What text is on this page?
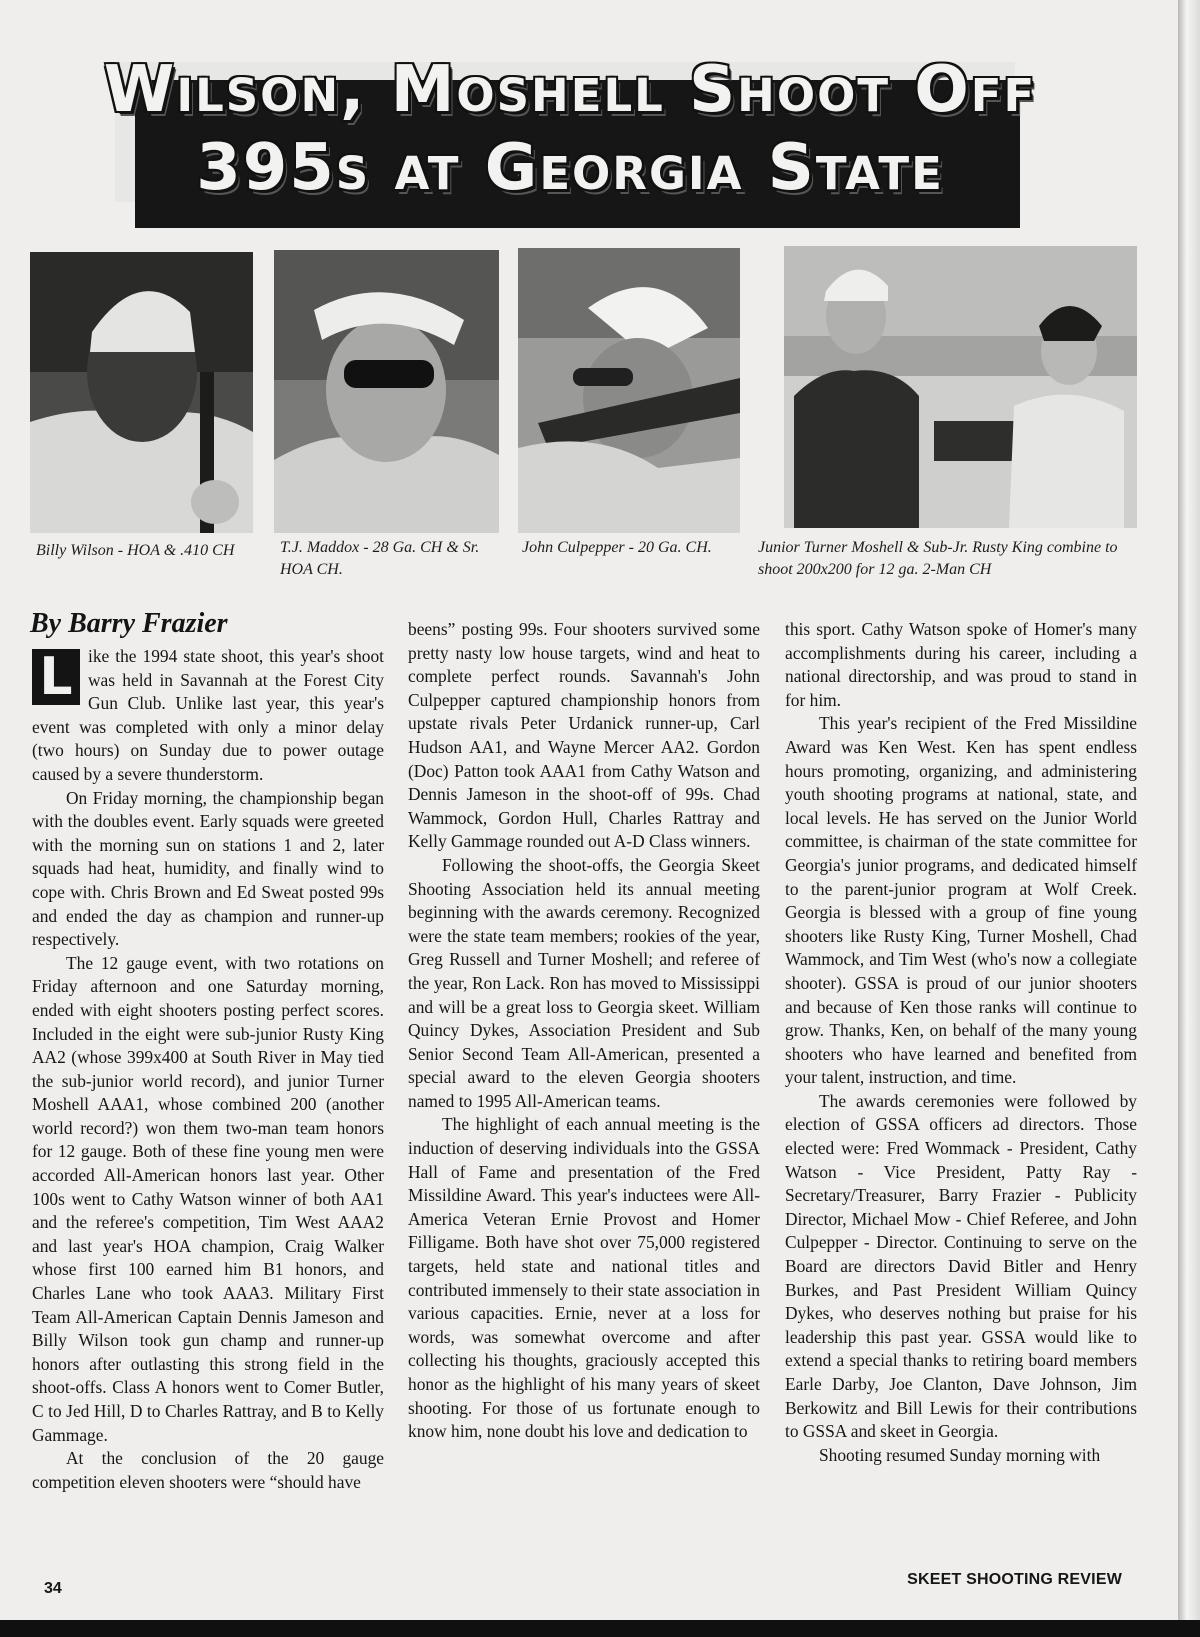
Wilson, Moshell Shoot Off
395s at Georgia State
Billy Wilson - HOA & .410 CH	T.J. Maddox - 28 Ga. CH & Sr. HOA CH.
John Culpepper - 20 Ga. CH.	Junior Turner Moshell & Sub-Jr. Rusty King combine to shoot 200x200 for 12 ga. 2-Man CH
By Barry Frazier

L ike the 1994 state shoot, this year's shoot was held in Savannah at the Forest City Gun Club. Unlike last year, this year's event was completed with only a minor delay (two hours) on Sunday due to power outage caused by a severe thunderstorm.

On Friday morning, the championship began with the doubles event. Early squads were greeted with the morning sun on stations 1 and 2, later squads had heat, humidity, and finally wind to cope with. Chris Brown and Ed Sweat posted 99s and ended the day as champion and runner-up respectively.

The 12 gauge event, with two rotations on Friday afternoon and one Saturday morning, ended with eight shooters posting perfect scores. Included in the eight were sub-junior Rusty King AA2 (whose 399x400 at South River in May tied the sub-junior world record), and junior Turner Moshell AAA1, whose combined 200 (another world record?) won them two-man team honors for 12 gauge. Both of these fine young men were accorded All-American honors last year. Other 100s went to Cathy Watson winner of both AA1 and the referee's competition, Tim West AAA2 and last year's HOA champion, Craig Walker whose first 100 earned him B1 honors, and Charles Lane who took AAA3. Military First Team All-American Captain Dennis Jameson and Billy Wilson took gun champ and runner-up honors after outlasting this strong field in the shoot-offs. Class A honors went to Comer Butler, C to Jed Hill, D to Charles Rattray, and B to Kelly Gammage.

At the conclusion of the 20 gauge competition eleven shooters were “should have

beens” posting 99s. Four shooters survived some pretty nasty low house targets, wind and heat to complete perfect rounds. Savannah's John Culpepper captured championship honors from upstate rivals Peter Urdanick runner-up, Carl Hudson AA1, and Wayne Mercer AA2. Gordon (Doc) Patton took AAA1 from Cathy Watson and Dennis Jameson in the shoot-off of 99s. Chad Wammock, Gordon Hull, Charles Rattray and Kelly Gammage rounded out A-D Class winners.

Following the shoot-offs, the Georgia Skeet Shooting Association held its annual meeting beginning with the awards ceremony. Recognized were the state team members; rookies of the year, Greg Russell and Turner Moshell; and referee of the year, Ron Lack. Ron has moved to Mississippi and will be a great loss to Georgia skeet. William Quincy Dykes, Association President and Sub Senior Second Team All-American, presented a special award to the eleven Georgia shooters named to 1995 All-American teams.

The highlight of each annual meeting is the induction of deserving individuals into the GSSA Hall of Fame and presentation of the Fred Missildine Award. This year's inductees were All-America Veteran Ernie Provost and Homer Filligame. Both have shot over 75,000 registered targets, held state and national titles and contributed immensely to their state association in various capacities. Ernie, never at a loss for words, was somewhat overcome and after collecting his thoughts, graciously accepted this honor as the highlight of his many years of skeet shooting. For those of us fortunate enough to know him, none doubt his love and dedication to

this sport. Cathy Watson spoke of Homer's many accomplishments during his career, including a national directorship, and was proud to stand in for him.

This year's recipient of the Fred Missildine Award was Ken West. Ken has spent endless hours promoting, organizing, and administering youth shooting programs at national, state, and local levels. He has served on the Junior World committee, is chairman of the state committee for Georgia's junior programs, and dedicated himself to the parent-junior program at Wolf Creek. Georgia is blessed with a group of fine young shooters like Rusty King, Turner Moshell, Chad Wammock, and Tim West (who's now a collegiate shooter). GSSA is proud of our junior shooters and because of Ken those ranks will continue to grow. Thanks, Ken, on behalf of the many young shooters who have learned and benefited from your talent, instruction, and time.

The awards ceremonies were followed by election of GSSA officers ad directors. Those elected were: Fred Wommack - President, Cathy Watson - Vice President, Patty Ray - Secretary/Treasurer, Barry Frazier - Publicity Director, Michael Mow - Chief Referee, and John Culpepper - Director. Continuing to serve on the Board are directors David Bitler and Henry Burkes, and Past President William Quincy Dykes, who deserves nothing but praise for his leadership this past year. GSSA would like to extend a special thanks to retiring board members Earle Darby, Joe Clanton, Dave Johnson, Jim Berkowitz and Bill Lewis for their contributions to GSSA and skeet in Georgia.

Shooting resumed Sunday morning with

34
SKEET SHOOTING REVIEW
